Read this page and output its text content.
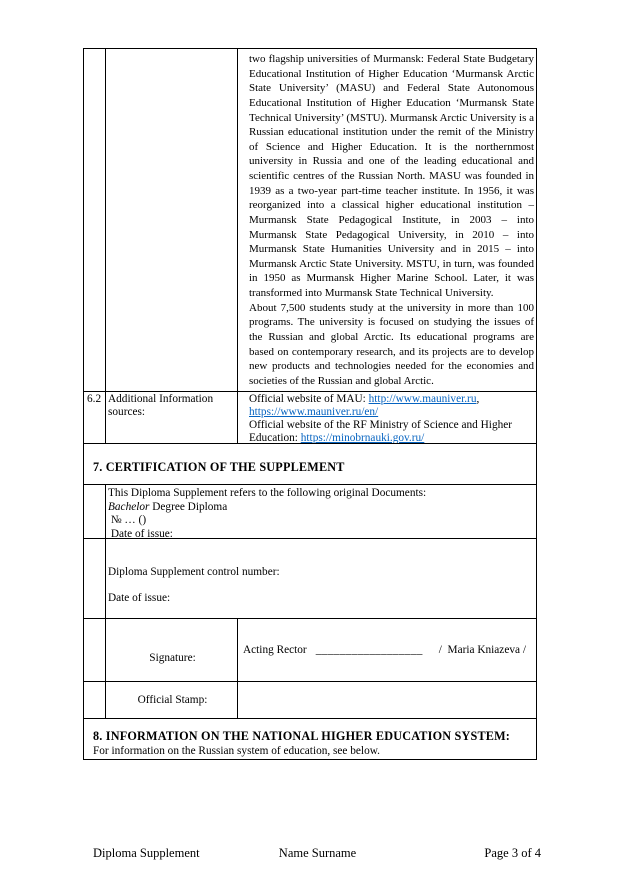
two flagship universities of Murmansk: Federal State Budgetary Educational Institution of Higher Education ‘Murmansk Arctic State University’ (MASU) and Federal State Autonomous Educational Institution of Higher Education ‘Murmansk State Technical University’ (MSTU). Murmansk Arctic University is a Russian educational institution under the remit of the Ministry of Science and Higher Education. It is the northernmost university in Russia and one of the leading educational and scientific centres of the Russian North. MASU was founded in 1939 as a two-year part-time teacher institute. In 1956, it was reorganized into a classical higher educational institution – Murmansk State Pedagogical Institute, in 2003 – into Murmansk State Pedagogical University, in 2010 – into Murmansk State Humanities University and in 2015 – into Murmansk Arctic State University. MSTU, in turn, was founded in 1950 as Murmansk Higher Marine School. Later, it was transformed into Murmansk State Technical University.

About 7,500 students study at the university in more than 100 programs. The university is focused on studying the issues of the Russian and global Arctic. Its educational programs are based on contemporary research, and its projects are to develop new products and technologies needed for the economies and societies of the Russian and global Arctic.

6.2 Additional Information sources:
Official website of MAU: http://www.mauniver.ru,
https://www.mauniver.ru/en/
Official website of the RF Ministry of Science and Higher
Education: https://minobrnauki.gov.ru/
7. CERTIFICATION OF THE SUPPLEMENT
This Diploma Supplement refers to the following original Documents:
Bachelor Degree Diploma
№ … ()
Date of issue:
Diploma Supplement control number:
Date of issue:
Signature:
Acting Rector __________________ /  Maria Kniazeva /
Official Stamp:
8. INFORMATION ON THE NATIONAL HIGHER EDUCATION SYSTEM:
For information on the Russian system of education, see below.
Diploma Supplement	Name Surname	Page 3 of 4
